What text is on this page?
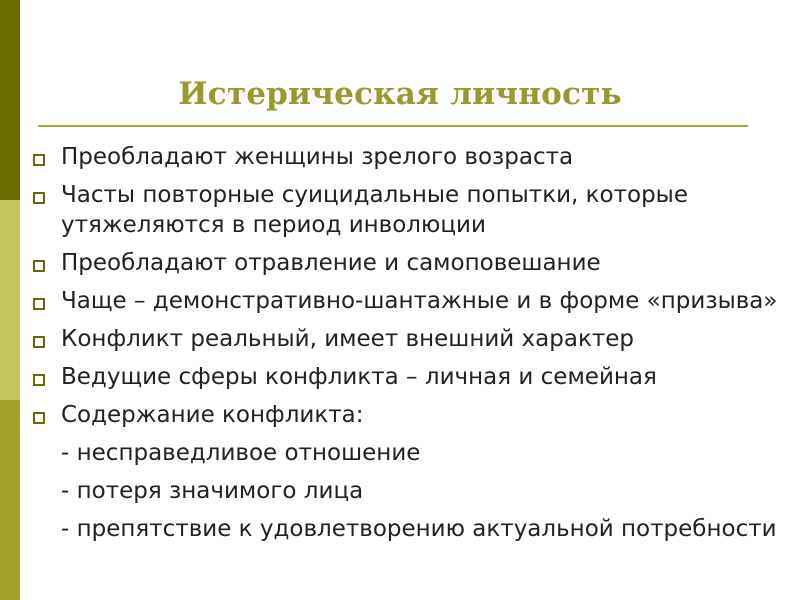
Истерическая личность
Преобладают женщины зрелого возраста
Часты повторные суицидальные попытки, которые утяжеляются в период инволюции
Преобладают отравление и самоповешание
Чаще – демонстративно-шантажные и в форме «призыва»
Конфликт реальный, имеет внешний характер
Ведущие сферы конфликта – личная и семейная
Содержание конфликта:
- несправедливое отношение
- потеря значимого лица
- препятствие к удовлетворению актуальной потребности
